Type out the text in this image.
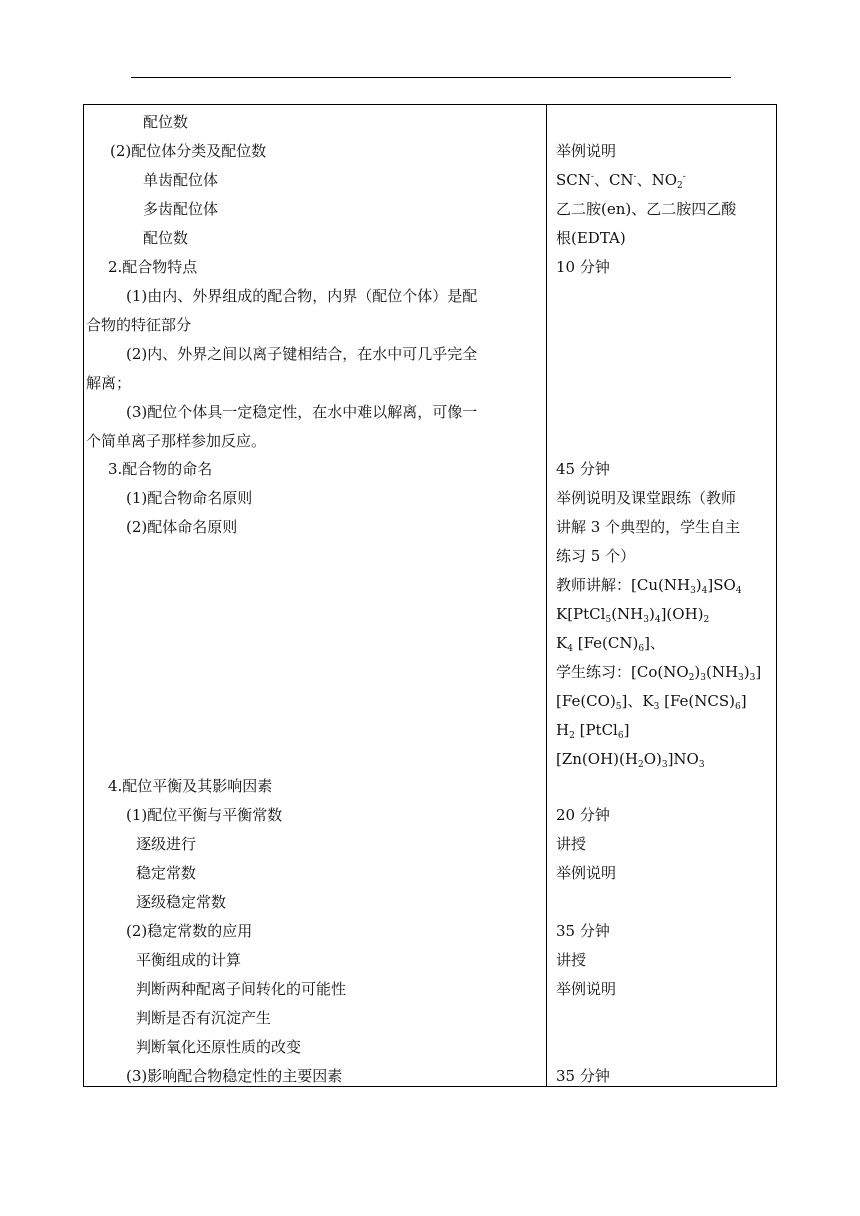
配位数
(2)配位体分类及配位数
单齿配位体
多齿配位体
配位数
2.配合物特点
(1)由内、外界组成的配合物，内界（配位个体）是配
合物的特征部分
(2)内、外界之间以离子键相结合，在水中可几乎完全
解离；
(3)配位个体具一定稳定性，在水中难以解离，可像一
个简单离子那样参加反应。
3.配合物的命名
(1)配合物命名原则
(2)配体命名原则
4.配位平衡及其影响因素
(1)配位平衡与平衡常数
逐级进行
稳定常数
逐级稳定常数
(2)稳定常数的应用
平衡组成的计算
判断两种配离子间转化的可能性
判断是否有沉淀产生
判断氧化还原性质的改变
(3)影响配合物稳定性的主要因素
举例说明
SCN-、CN-、$NO_2^-$
乙二胺(en)、乙二胺四乙酸
根(EDTA)
10 分钟
45 分钟
举例说明及课堂跟练（教师
讲解 3 个典型的，学生自主
练习 5 个）
教师讲解：$[Cu(NH_3)_4]SO_4$
$K[PtCl_5(NH_3)_4](OH)_2$
$K_4$ $[Fe(CN)_6]$、
学生练习：$[Co(NO_2)_3(NH_3)_3]$
$[Fe(CO)_5]$、$K_3$ $[Fe(NCS)_6]$
$H_2$ [PtCl$_6$]
$[Zn(OH)(H_2O)_3]NO_3$
20 分钟
讲授
举例说明
35 分钟
讲授
举例说明
35 分钟
